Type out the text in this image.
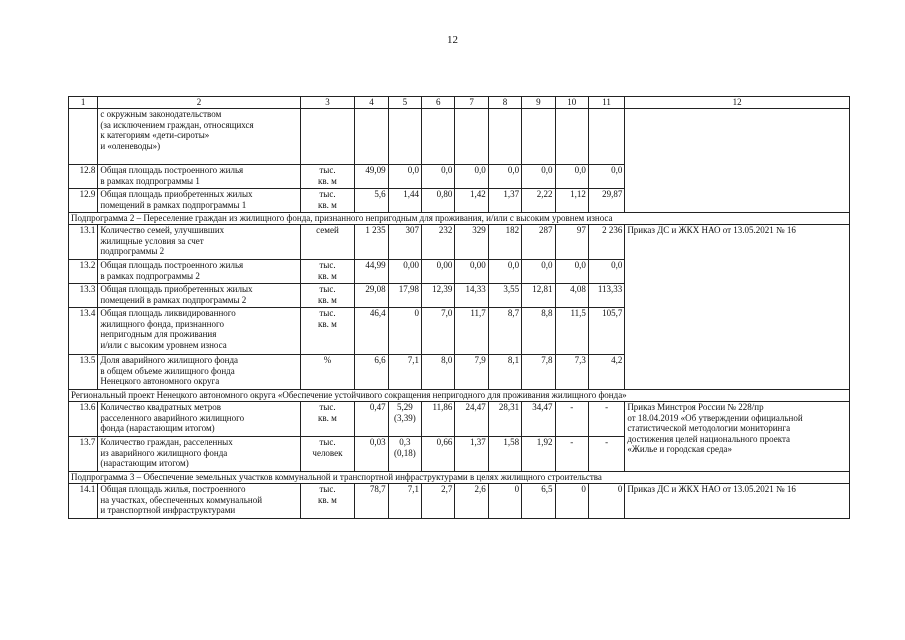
12
1	2	3	4	5	6	7	8	9	10	11	12
	с окружным законодательством
(за исключением граждан, относящихся
к категориям «дети-сироты»
и «оленеводы»)										
12.8	Общая площадь построенного жилья
в рамках подпрограммы 1	тыс.
кв. м	49,09	0,0	0,0	0,0	0,0	0,0	0,0	0,0	
12.9	Общая площадь приобретенных жилых
помещений в рамках подпрограммы 1	тыс.
кв. м	5,6	1,44	0,80	1,42	1,37	2,22	1,12	29,87	
Подпрограмма 2 – Переселение граждан из жилищного фонда, признанного непригодным для проживания, и/или с высоким уровнем износа											
13.1	Количество семей, улучшивших
жилищные условия за счет
подпрограммы 2	семей	1 235	307	232	329	182	287	97	2 236	Приказ ДС и ЖКХ НАО от 13.05.2021 № 16
13.2	Общая площадь построенного жилья
в рамках подпрограммы 2	тыс.
кв. м	44,99	0,00	0,00	0,00	0,0	0,0	0,0	0,0	
13.3	Общая площадь приобретенных жилых
помещений в рамках подпрограммы 2	тыс.
кв. м	29,08	17,98	12,39	14,33	3,55	12,81	4,08	113,33	
13.4	Общая площадь ликвидированного
жилищного фонда, признанного
непригодным для проживания
и/или с высоким уровнем износа	тыс.
кв. м	46,4	0	7,0	11,7	8,7	8,8	11,5	105,7	
13.5	Доля аварийного жилищного фонда
в общем объеме жилищного фонда
Ненецкого автономного округа	%	6,6	7,1	8,0	7,9	8,1	7,8	7,3	4,2	
Региональный проект Ненецкого автономного округа «Обеспечение устойчивого сокращения непригодного для проживания жилищного фонда»											
13.6	Количество квадратных метров
расселенного аварийного жилищного
фонда (нарастающим итогом)	тыс.
кв. м	0,47	5,29
(3,39)	11,86	24,47	28,31	34,47	-	-	Приказ Минстроя России № 228/пр
от 18.04.2019 «Об утверждении официальной
статистической методологии мониторинга
достижения целей национального проекта
«Жилье и городская среда»
13.7	Количество граждан, расселенных
из аварийного жилищного фонда
(нарастающим итогом)	тыс.
человек	0,03	0,3
(0,18)	0,66	1,37	1,58	1,92	-	-	
Подпрограмма 3 – Обеспечение земельных участков коммунальной и транспортной инфраструктурами в целях жилищного строительства											
14.1	Общая площадь жилья, построенного
на участках, обеспеченных коммунальной
и транспортной инфраструктурами	тыс.
кв. м	78,7	7,1	2,7	2,6	0	6,5	0	0	Приказ ДС и ЖКХ НАО от 13.05.2021 № 16
